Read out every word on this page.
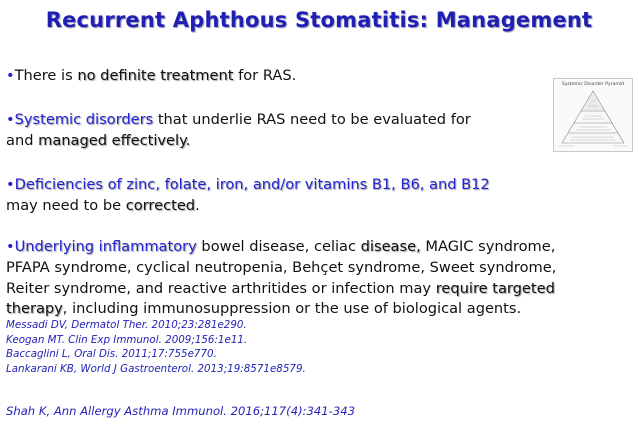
Recurrent Aphthous Stomatitis: Management
•There is no definite treatment for RAS.
•Systemic disorders that underlie RAS need to be evaluated for
and managed effectively.
•Deficiencies of zinc, folate, iron, and/or vitamins B1, B6, and B12
may need to be corrected.
•Underlying inflammatory bowel disease, celiac disease, MAGIC syndrome,
PFAPA syndrome, cyclical neutropenia, Behçet syndrome, Sweet syndrome,
Reiter syndrome, and reactive arthritides or infection may require targeted
therapy, including immunosuppression or the use of biological agents.
Messadi DV, Dermatol Ther. 2010;23:281e290.
Keogan MT. Clin Exp Immunol. 2009;156:1e11.
Baccaglini L, Oral Dis. 2011;17:755e770.
Lankarani KB, World J Gastroenterol. 2013;19:8571e8579.
Shah K, Ann Allergy Asthma Immunol. 2016;117(4):341-343
Systemic Disorder Pyramid
